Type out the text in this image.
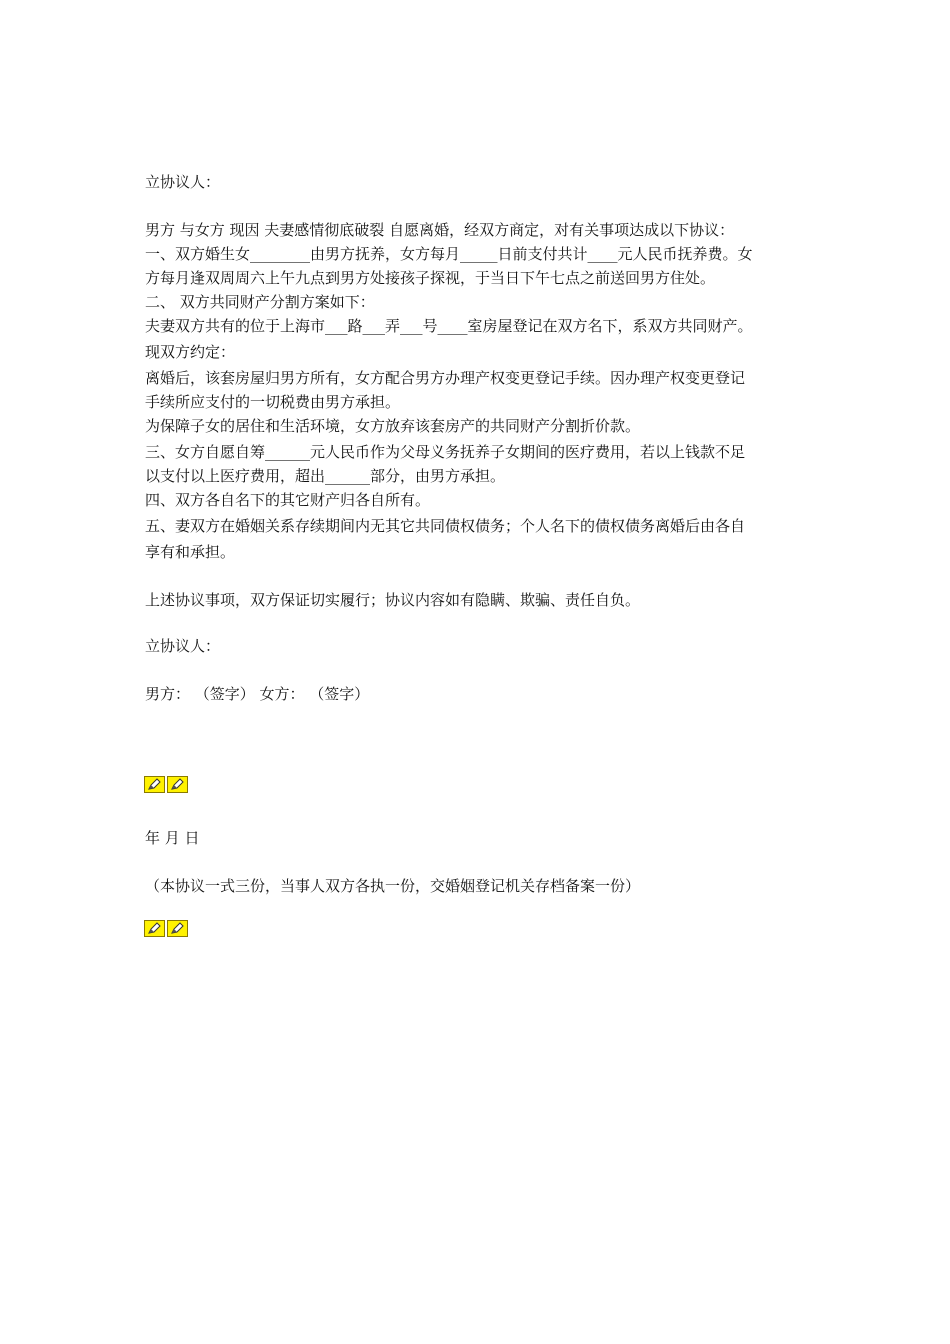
立协议人：
男方 与女方 现因 夫妻感情彻底破裂 自愿离婚，经双方商定，对有关事项达成以下协议：
一、双方婚生女________由男方抚养，女方每月_____日前支付共计____元人民币抚养费。女
方每月逢双周周六上午九点到男方处接孩子探视，于当日下午七点之前送回男方住处。
二、 双方共同财产分割方案如下：
夫妻双方共有的位于上海市___路___弄___号____室房屋登记在双方名下，系双方共同财产。
现双方约定：
离婚后，该套房屋归男方所有，女方配合男方办理产权变更登记手续。因办理产权变更登记
手续所应支付的一切税费由男方承担。
为保障子女的居住和生活环境，女方放弃该套房产的共同财产分割折价款。
三、女方自愿自筹______元人民币作为父母义务抚养子女期间的医疗费用，若以上钱款不足
以支付以上医疗费用，超出______部分，由男方承担。
四、双方各自名下的其它财产归各自所有。
五、妻双方在婚姻关系存续期间内无其它共同债权债务；个人名下的债权债务离婚后由各自
享有和承担。
上述协议事项，双方保证切实履行；协议内容如有隐瞒、欺骗、责任自负。
立协议人：
男方： （签字） 女方： （签字）
年 月 日
（本协议一式三份，当事人双方各执一份，交婚姻登记机关存档备案一份）
